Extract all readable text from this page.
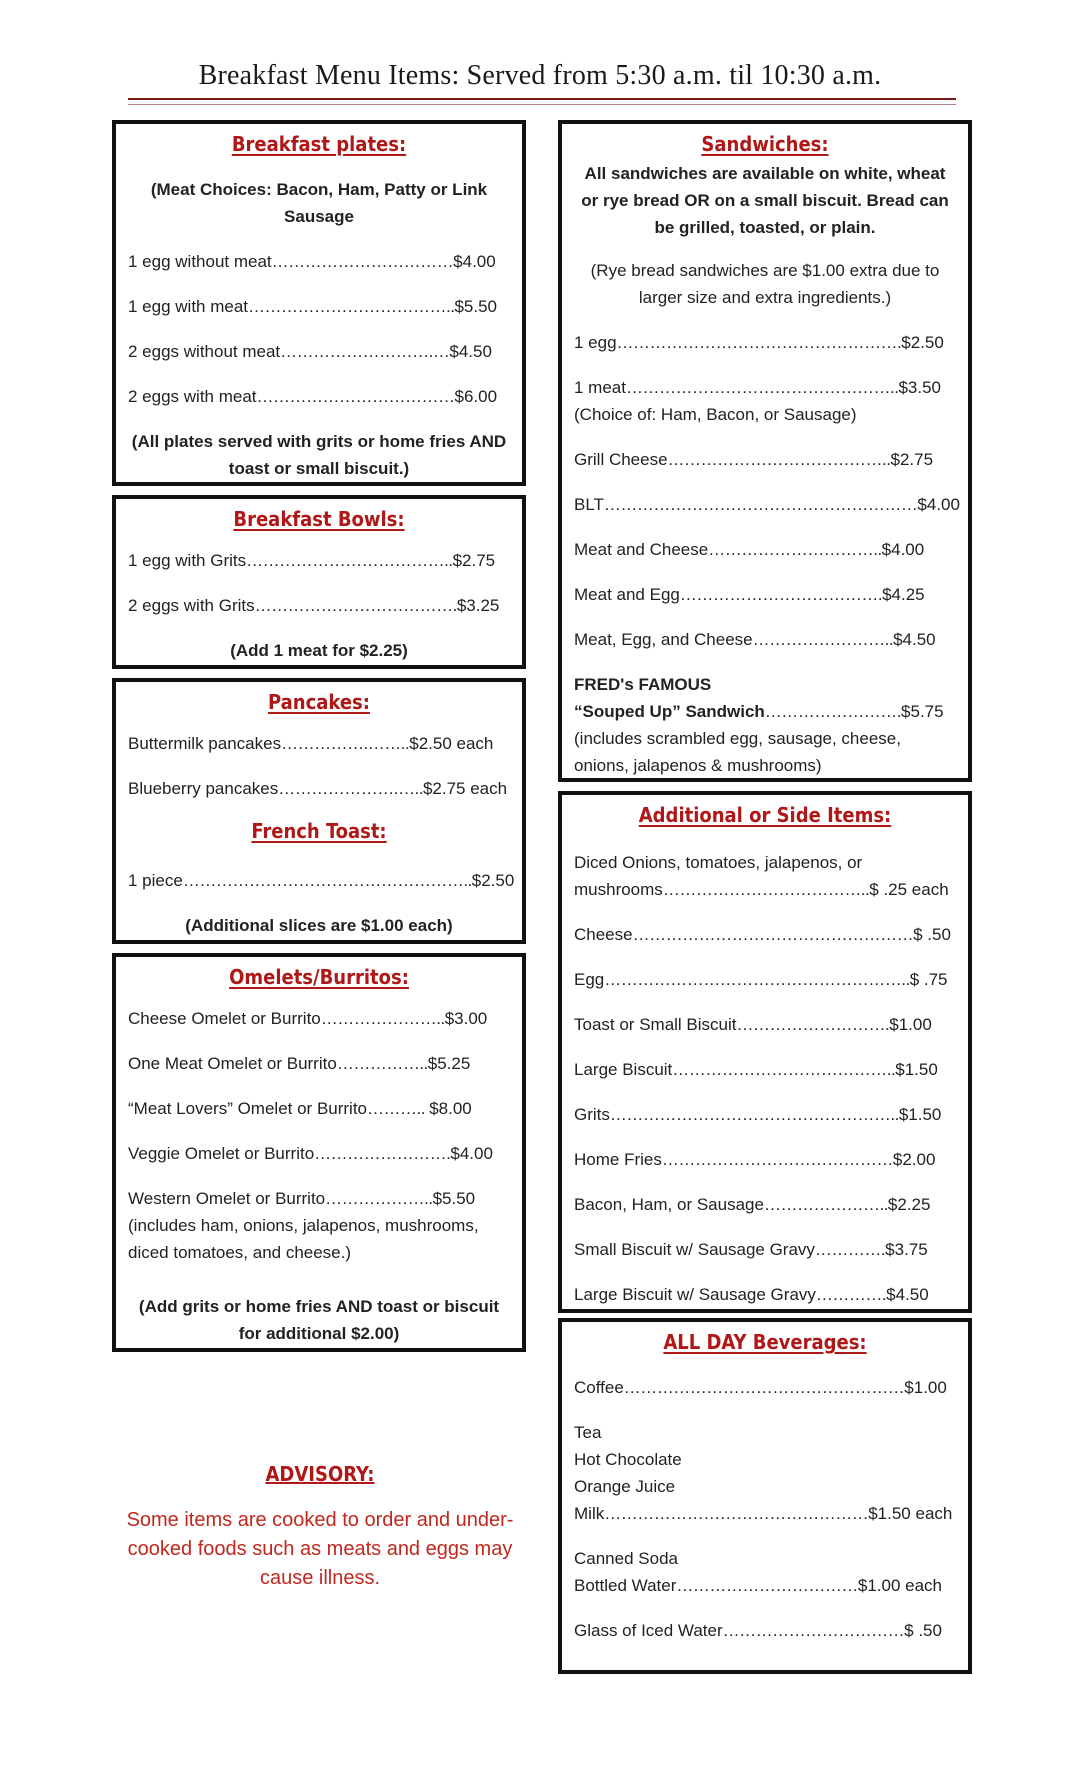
Breakfast Menu Items: Served from 5:30 a.m. til 10:30 a.m.
Breakfast plates:
(Meat Choices: Bacon, Ham, Patty or Link Sausage
1 egg without meat……………………………$4.00
1 egg with meat………………………………..$5.50
2 eggs without meat……………………….…$4.50
2 eggs with meat………………………………$6.00
(All plates served with grits or home fries AND toast or small biscuit.)
Breakfast Bowls:
1 egg with Grits………………………………..$2.75
2 eggs with Grits……………………………….$3.25
(Add 1 meat for $2.25)
Pancakes:
Buttermilk pancakes…………….……..$2.50 each
Blueberry pancakes………………….…..$2.75 each
French Toast:
1 piece……………………………………………..$2.50
(Additional slices are $1.00 each)
Omelets/Burritos:
Cheese Omelet or Burrito…………………..$3.00
One Meat Omelet or Burrito……………..$5.25
“Meat Lovers” Omelet or Burrito……….. $8.00
Veggie Omelet or Burrito…………………….$4.00
Western Omelet or Burrito………………..$5.50
(includes ham, onions, jalapenos, mushrooms, diced tomatoes, and cheese.)
(Add grits or home fries AND toast or biscuit for additional $2.00)
ADVISORY:
Some items are cooked to order and under-cooked foods such as meats and eggs may cause illness.
Sandwiches:
All sandwiches are available on white, wheat or rye bread OR on a small biscuit. Bread can be grilled, toasted, or plain.
(Rye bread sandwiches are $1.00 extra due to larger size and extra ingredients.)
1 egg…………………………………………….$2.50
1 meat…………………………………………..$3.50
(Choice of: Ham, Bacon, or Sausage)
Grill Cheese…………………………………..$2.75
BLT…………………………………………………$4.00
Meat and Cheese…………………………..$4.00
Meat and Egg……………………………….$4.25
Meat, Egg, and Cheese……………………..$4.50
FRED's FAMOUS
“Souped Up” Sandwich…………………….$5.75
(includes scrambled egg, sausage, cheese, onions, jalapenos & mushrooms)
Additional or Side Items:
Diced Onions, tomatoes, jalapenos, or
mushrooms………………………………..$ .25 each
Cheese……………………………………………$ .50
Egg………………………………………………..$ .75
Toast or Small Biscuit……………………….$1.00
Large Biscuit…………………………………..$1.50
Grits……………………………………………..$1.50
Home Fries……………………………………$2.00
Bacon, Ham, or Sausage…………………..$2.25
Small Biscuit w/ Sausage Gravy………….$3.75
Large Biscuit w/ Sausage Gravy………….$4.50
ALL DAY Beverages:
Coffee……………………………………………$1.00
Tea
Hot Chocolate
Orange Juice
Milk…………………………………………$1.50 each
Canned Soda
Bottled Water……………………………$1.00 each
Glass of Iced Water……………………………$ .50
